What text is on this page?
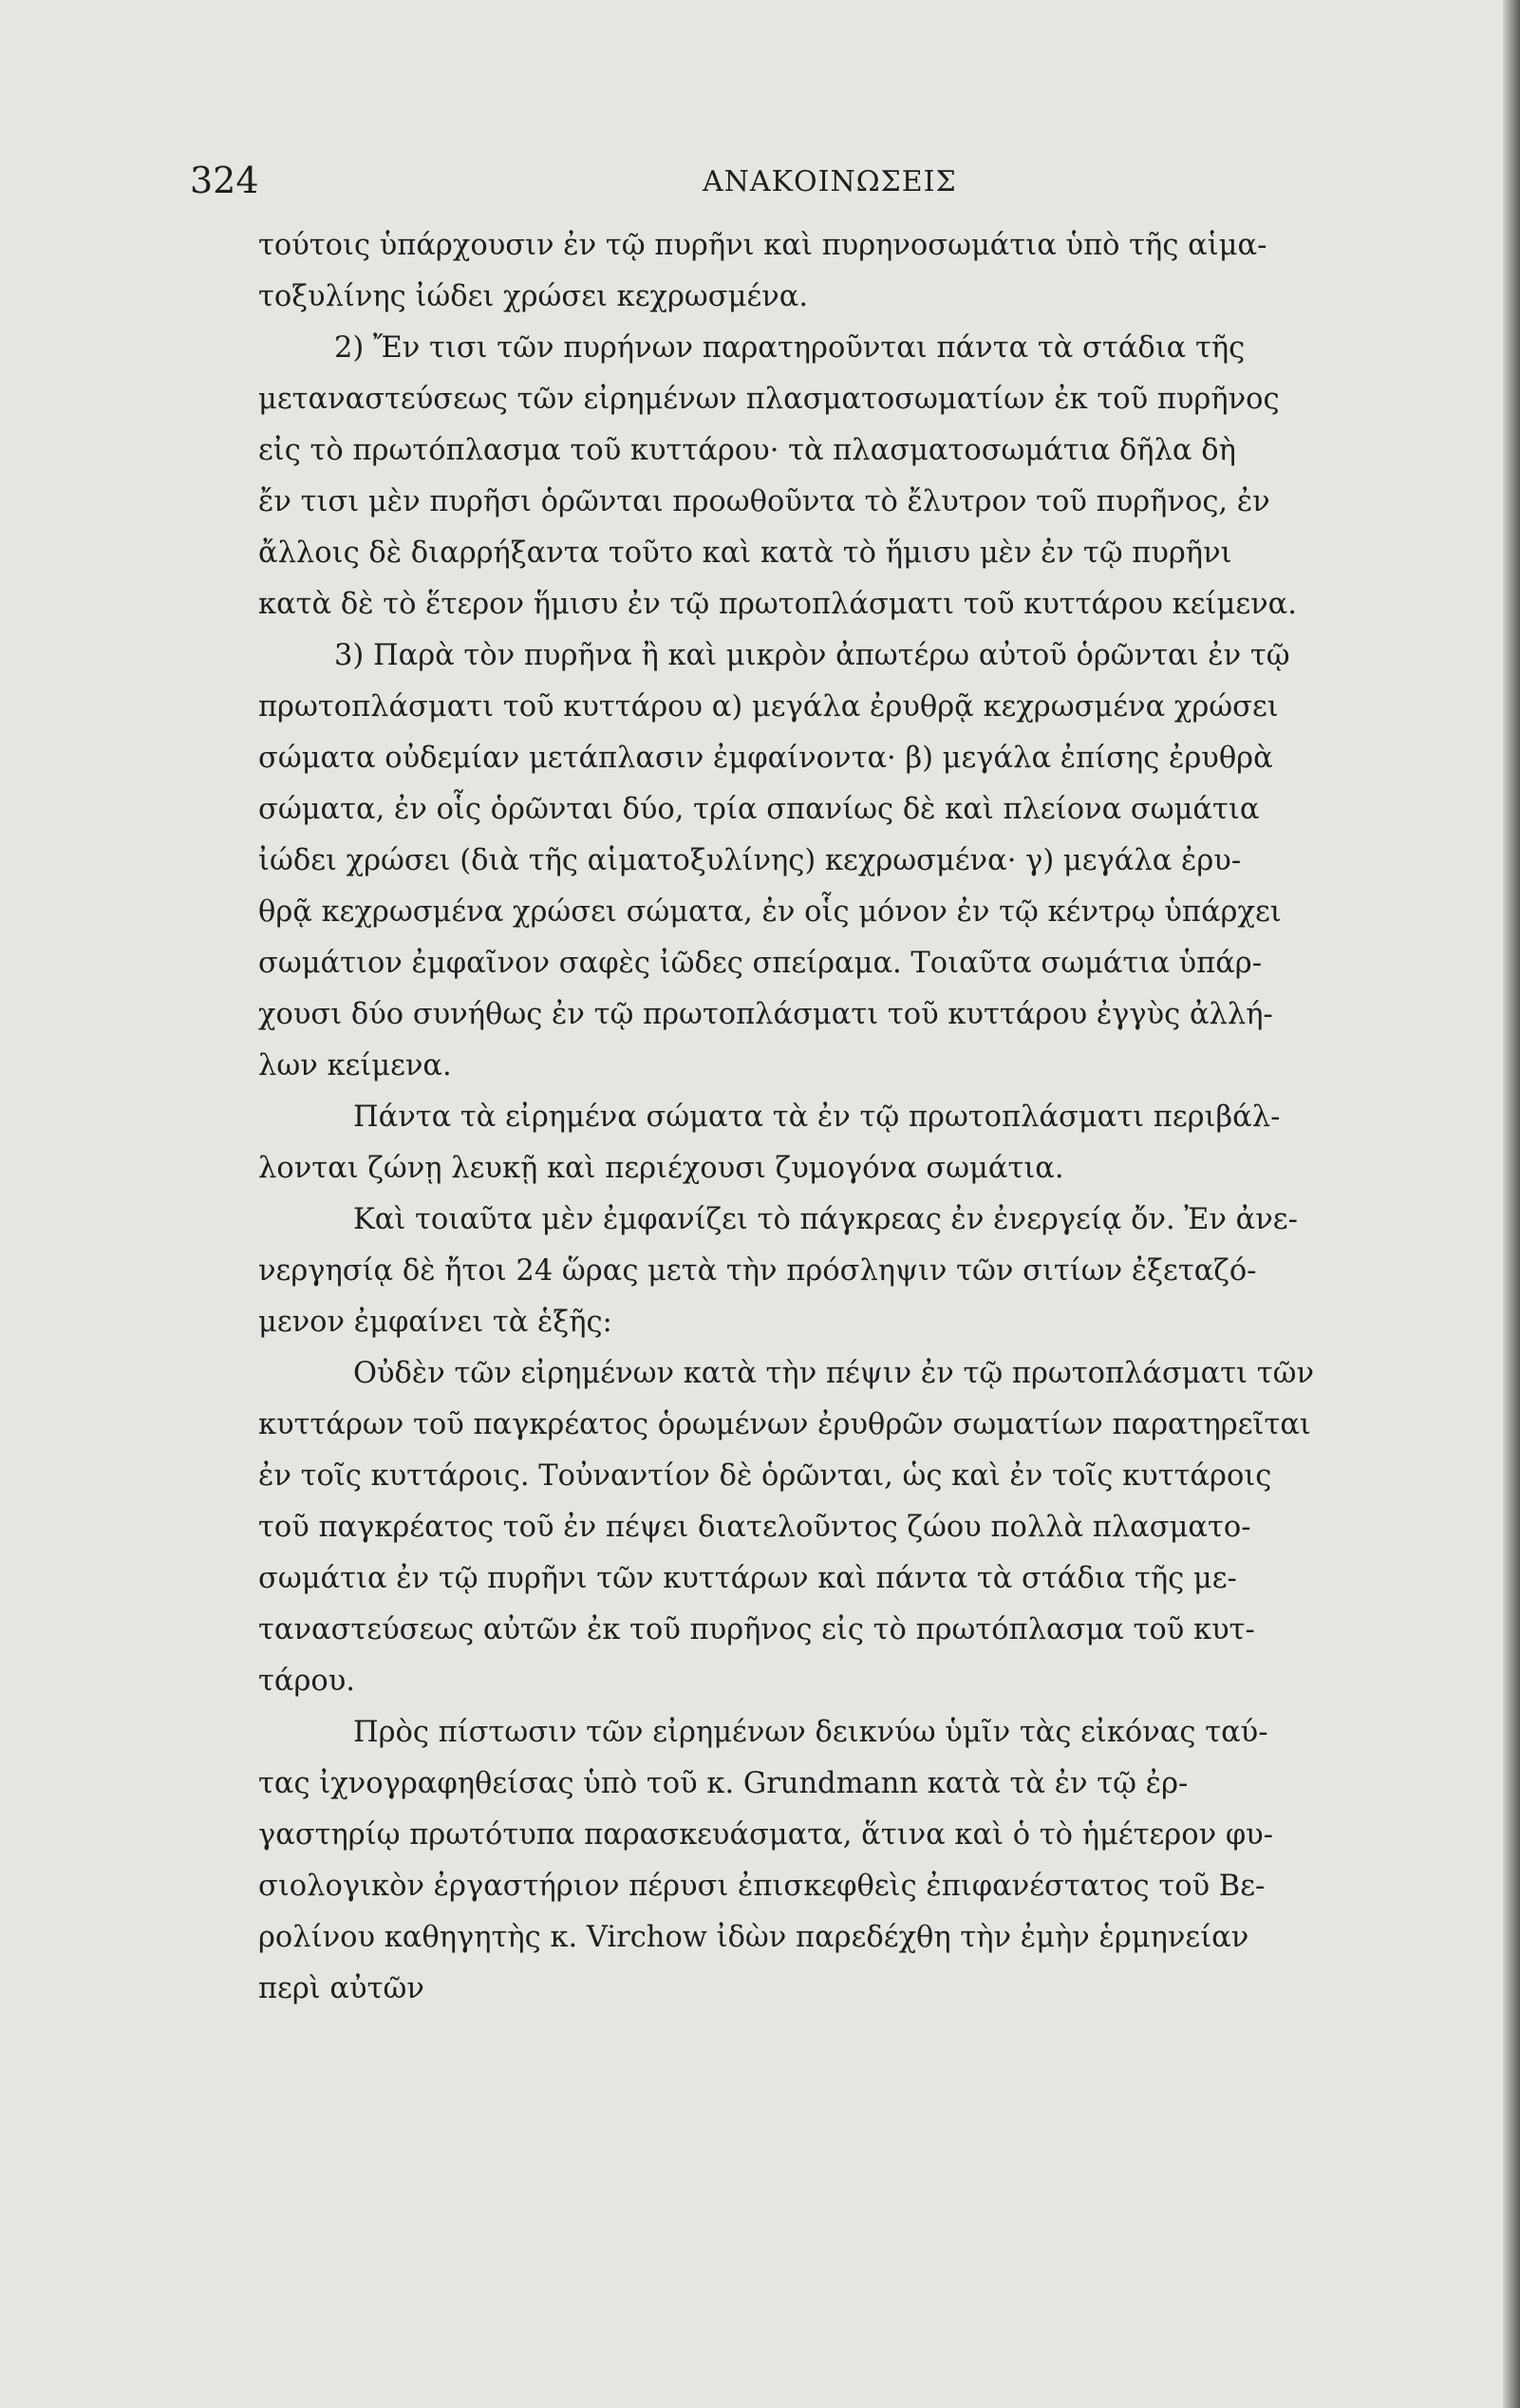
324	ΑΝΑΚΟΙΝΩΣΕΙΣ
τούτοις ὑπάρχουσιν ἐν τῷ πυρῆνι καὶ πυρηνοσωμάτια ὑπὸ τῆς αἱμα-
τοξυλίνης ἰώδει χρώσει κεχρωσμένα.
2) Ἔν τισι τῶν πυρήνων παρατηροῦνται πάντα τὰ στάδια τῆς
μεταναστεύσεως τῶν εἰρημένων πλασματοσωματίων ἐκ τοῦ πυρῆνος
εἰς τὸ πρωτόπλασμα τοῦ κυττάρου· τὰ πλασματοσωμάτια δῆλα δὴ
ἔν τισι μὲν πυρῆσι ὁρῶνται προωθοῦντα τὸ ἔλυτρον τοῦ πυρῆνος, ἐν
ἄλλοις δὲ διαρρήξαντα τοῦτο καὶ κατὰ τὸ ἥμισυ μὲν ἐν τῷ πυρῆνι
κατὰ δὲ τὸ ἕτερον ἥμισυ ἐν τῷ πρωτοπλάσματι τοῦ κυττάρου κείμενα.
3) Παρὰ τὸν πυρῆνα ἢ καὶ μικρὸν ἀπωτέρω αὐτοῦ ὁρῶνται ἐν τῷ
πρωτοπλάσματι τοῦ κυττάρου α) μεγάλα ἐρυθρᾷ κεχρωσμένα χρώσει
σώματα οὐδεμίαν μετάπλασιν ἐμφαίνοντα· β) μεγάλα ἐπίσης ἐρυθρὰ
σώματα, ἐν οἷς ὁρῶνται δύο, τρία σπανίως δὲ καὶ πλείονα σωμάτια
ἰώδει χρώσει (διὰ τῆς αἱματοξυλίνης) κεχρωσμένα· γ) μεγάλα ἐρυ-
θρᾷ κεχρωσμένα χρώσει σώματα, ἐν οἷς μόνον ἐν τῷ κέντρῳ ὑπάρχει
σωμάτιον ἐμφαῖνον σαφὲς ἰῶδες σπείραμα. Τοιαῦτα σωμάτια ὑπάρ-
χουσι δύο συνήθως ἐν τῷ πρωτοπλάσματι τοῦ κυττάρου ἐγγὺς ἀλλή-
λων κείμενα.
Πάντα τὰ εἰρημένα σώματα τὰ ἐν τῷ πρωτοπλάσματι περιβάλ-
λονται ζώνῃ λευκῇ καὶ περιέχουσι ζυμογόνα σωμάτια.
Καὶ τοιαῦτα μὲν ἐμφανίζει τὸ πάγκρεας ἐν ἐνεργείᾳ ὄν. Ἐν ἀνε-
νεργησίᾳ δὲ ἤτοι 24 ὥρας μετὰ τὴν πρόσληψιν τῶν σιτίων ἐξεταζό-
μενον ἐμφαίνει τὰ ἑξῆς:
Οὐδὲν τῶν εἰρημένων κατὰ τὴν πέψιν ἐν τῷ πρωτοπλάσματι τῶν
κυττάρων τοῦ παγκρέατος ὁρωμένων ἐρυθρῶν σωματίων παρατηρεῖται
ἐν τοῖς κυττάροις. Τοὐναντίον δὲ ὁρῶνται, ὡς καὶ ἐν τοῖς κυττάροις
τοῦ παγκρέατος τοῦ ἐν πέψει διατελοῦντος ζώου πολλὰ πλασματο-
σωμάτια ἐν τῷ πυρῆνι τῶν κυττάρων καὶ πάντα τὰ στάδια τῆς με-
ταναστεύσεως αὐτῶν ἐκ τοῦ πυρῆνος εἰς τὸ πρωτόπλασμα τοῦ κυτ-
τάρου.
Πρὸς πίστωσιν τῶν εἰρημένων δεικνύω ὑμῖν τὰς εἰκόνας ταύ-
τας ἰχνογραφηθείσας ὑπὸ τοῦ κ. Grundmann κατὰ τὰ ἐν τῷ ἐρ-
γαστηρίῳ πρωτότυπα παρασκευάσματα, ἅτινα καὶ ὁ τὸ ἡμέτερον φυ-
σιολογικὸν ἐργαστήριον πέρυσι ἐπισκεφθεὶς ἐπιφανέστατος τοῦ Βε-
ρολίνου καθηγητὴς κ. Virchow ἰδὼν παρεδέχθη τὴν ἐμὴν ἑρμηνείαν
περὶ αὐτῶν
